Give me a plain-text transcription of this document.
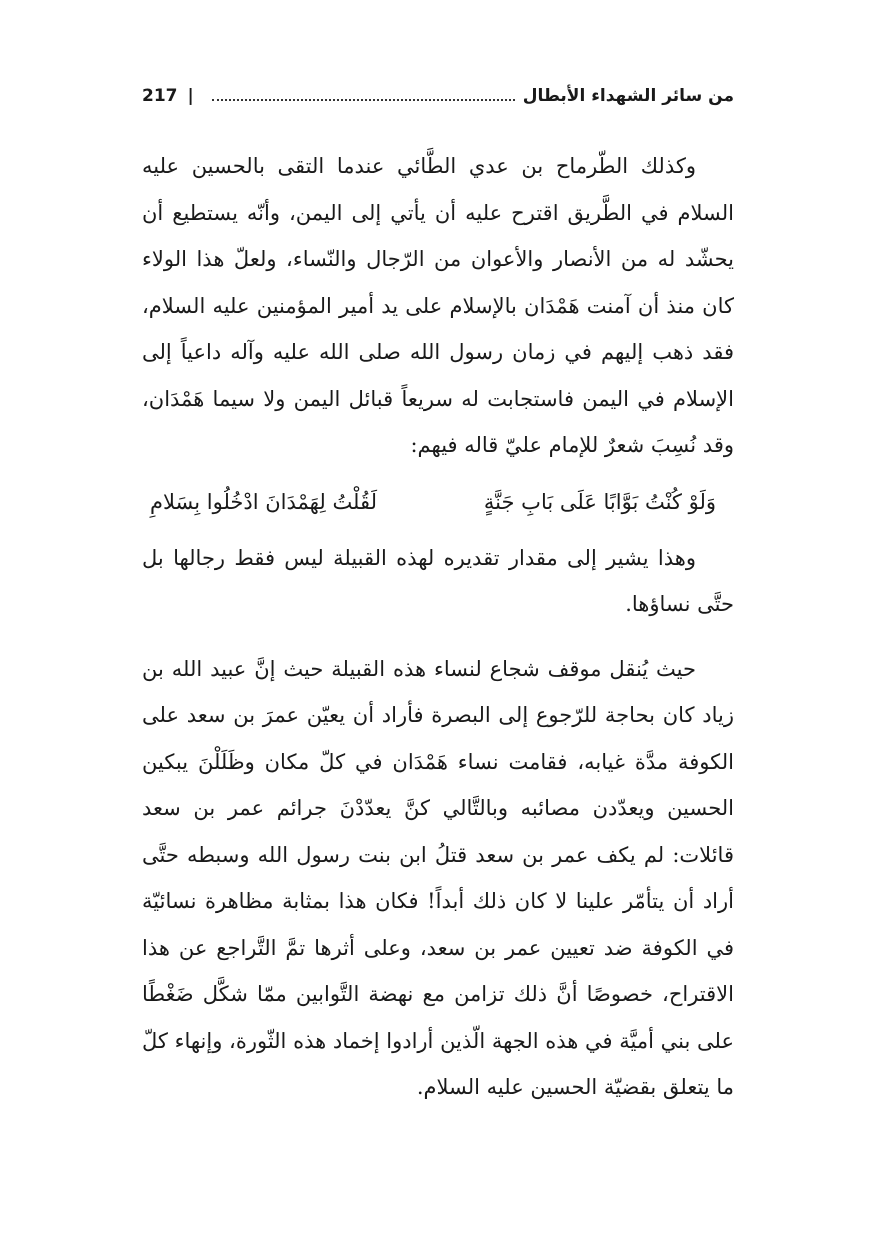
من سائر الشهداء الأبطال
|
217

وكذلك الطّرماح بن عدي الطَّائي عندما التقى بالحسين عليه السلام في الطَّريق اقترح عليه أن يأتي إلى اليمن، وأنّه يستطيع أن يحشّد له من الأنصار والأعوان من الرّجال والنّساء، ولعلّ هذا الولاء كان منذ أن آمنت هَمْدَان بالإسلام على يد أمير المؤمنين عليه السلام، فقد ذهب إليهم في زمان رسول الله صلى الله عليه وآله داعياً إلى الإسلام في اليمن فاستجابت له سريعاً قبائل اليمن ولا سيما هَمْدَان، وقد نُسِبَ شعرٌ للإمام عليّ قاله فيهم:

وَلَوْ كُنْتُ بَوَّابًا عَلَى بَابِ جَنَّةٍ
لَقُلْتُ لِهَمْدَانَ ادْخُلُوا بِسَلامِ

وهذا يشير إلى مقدار تقديره لهذه القبيلة ليس فقط رجالها بل حتَّى نساؤها.

حيث يُنقل موقف شجاع لنساء هذه القبيلة حيث إنَّ عبيد الله بن زياد كان بحاجة للرّجوع إلى البصرة فأراد أن يعيّن عمرَ بن سعد على الكوفة مدَّة غيابه، فقامت نساء هَمْدَان في كلّ مكان وظَلَلْنَ يبكين الحسين ويعدّدن مصائبه وبالتَّالي كنَّ يعدّدْنَ جرائم عمر بن سعد قائلات: لم يكف عمر بن سعد قتلُ ابن بنت رسول الله وسبطه حتَّى أراد أن يتأمّر علينا لا كان ذلك أبداً! فكان هذا بمثابة مظاهرة نسائيّة في الكوفة ضد تعيين عمر بن سعد، وعلى أثرها تمَّ التَّراجع عن هذا الاقتراح، خصوصًا أنَّ ذلك تزامن مع نهضة التَّوابين ممّا شكَّل ضَغْطًا على بني أميَّة في هذه الجهة الّذين أرادوا إخماد هذه الثّورة، وإنهاء كلّ ما يتعلق بقضيّة الحسين عليه السلام.
